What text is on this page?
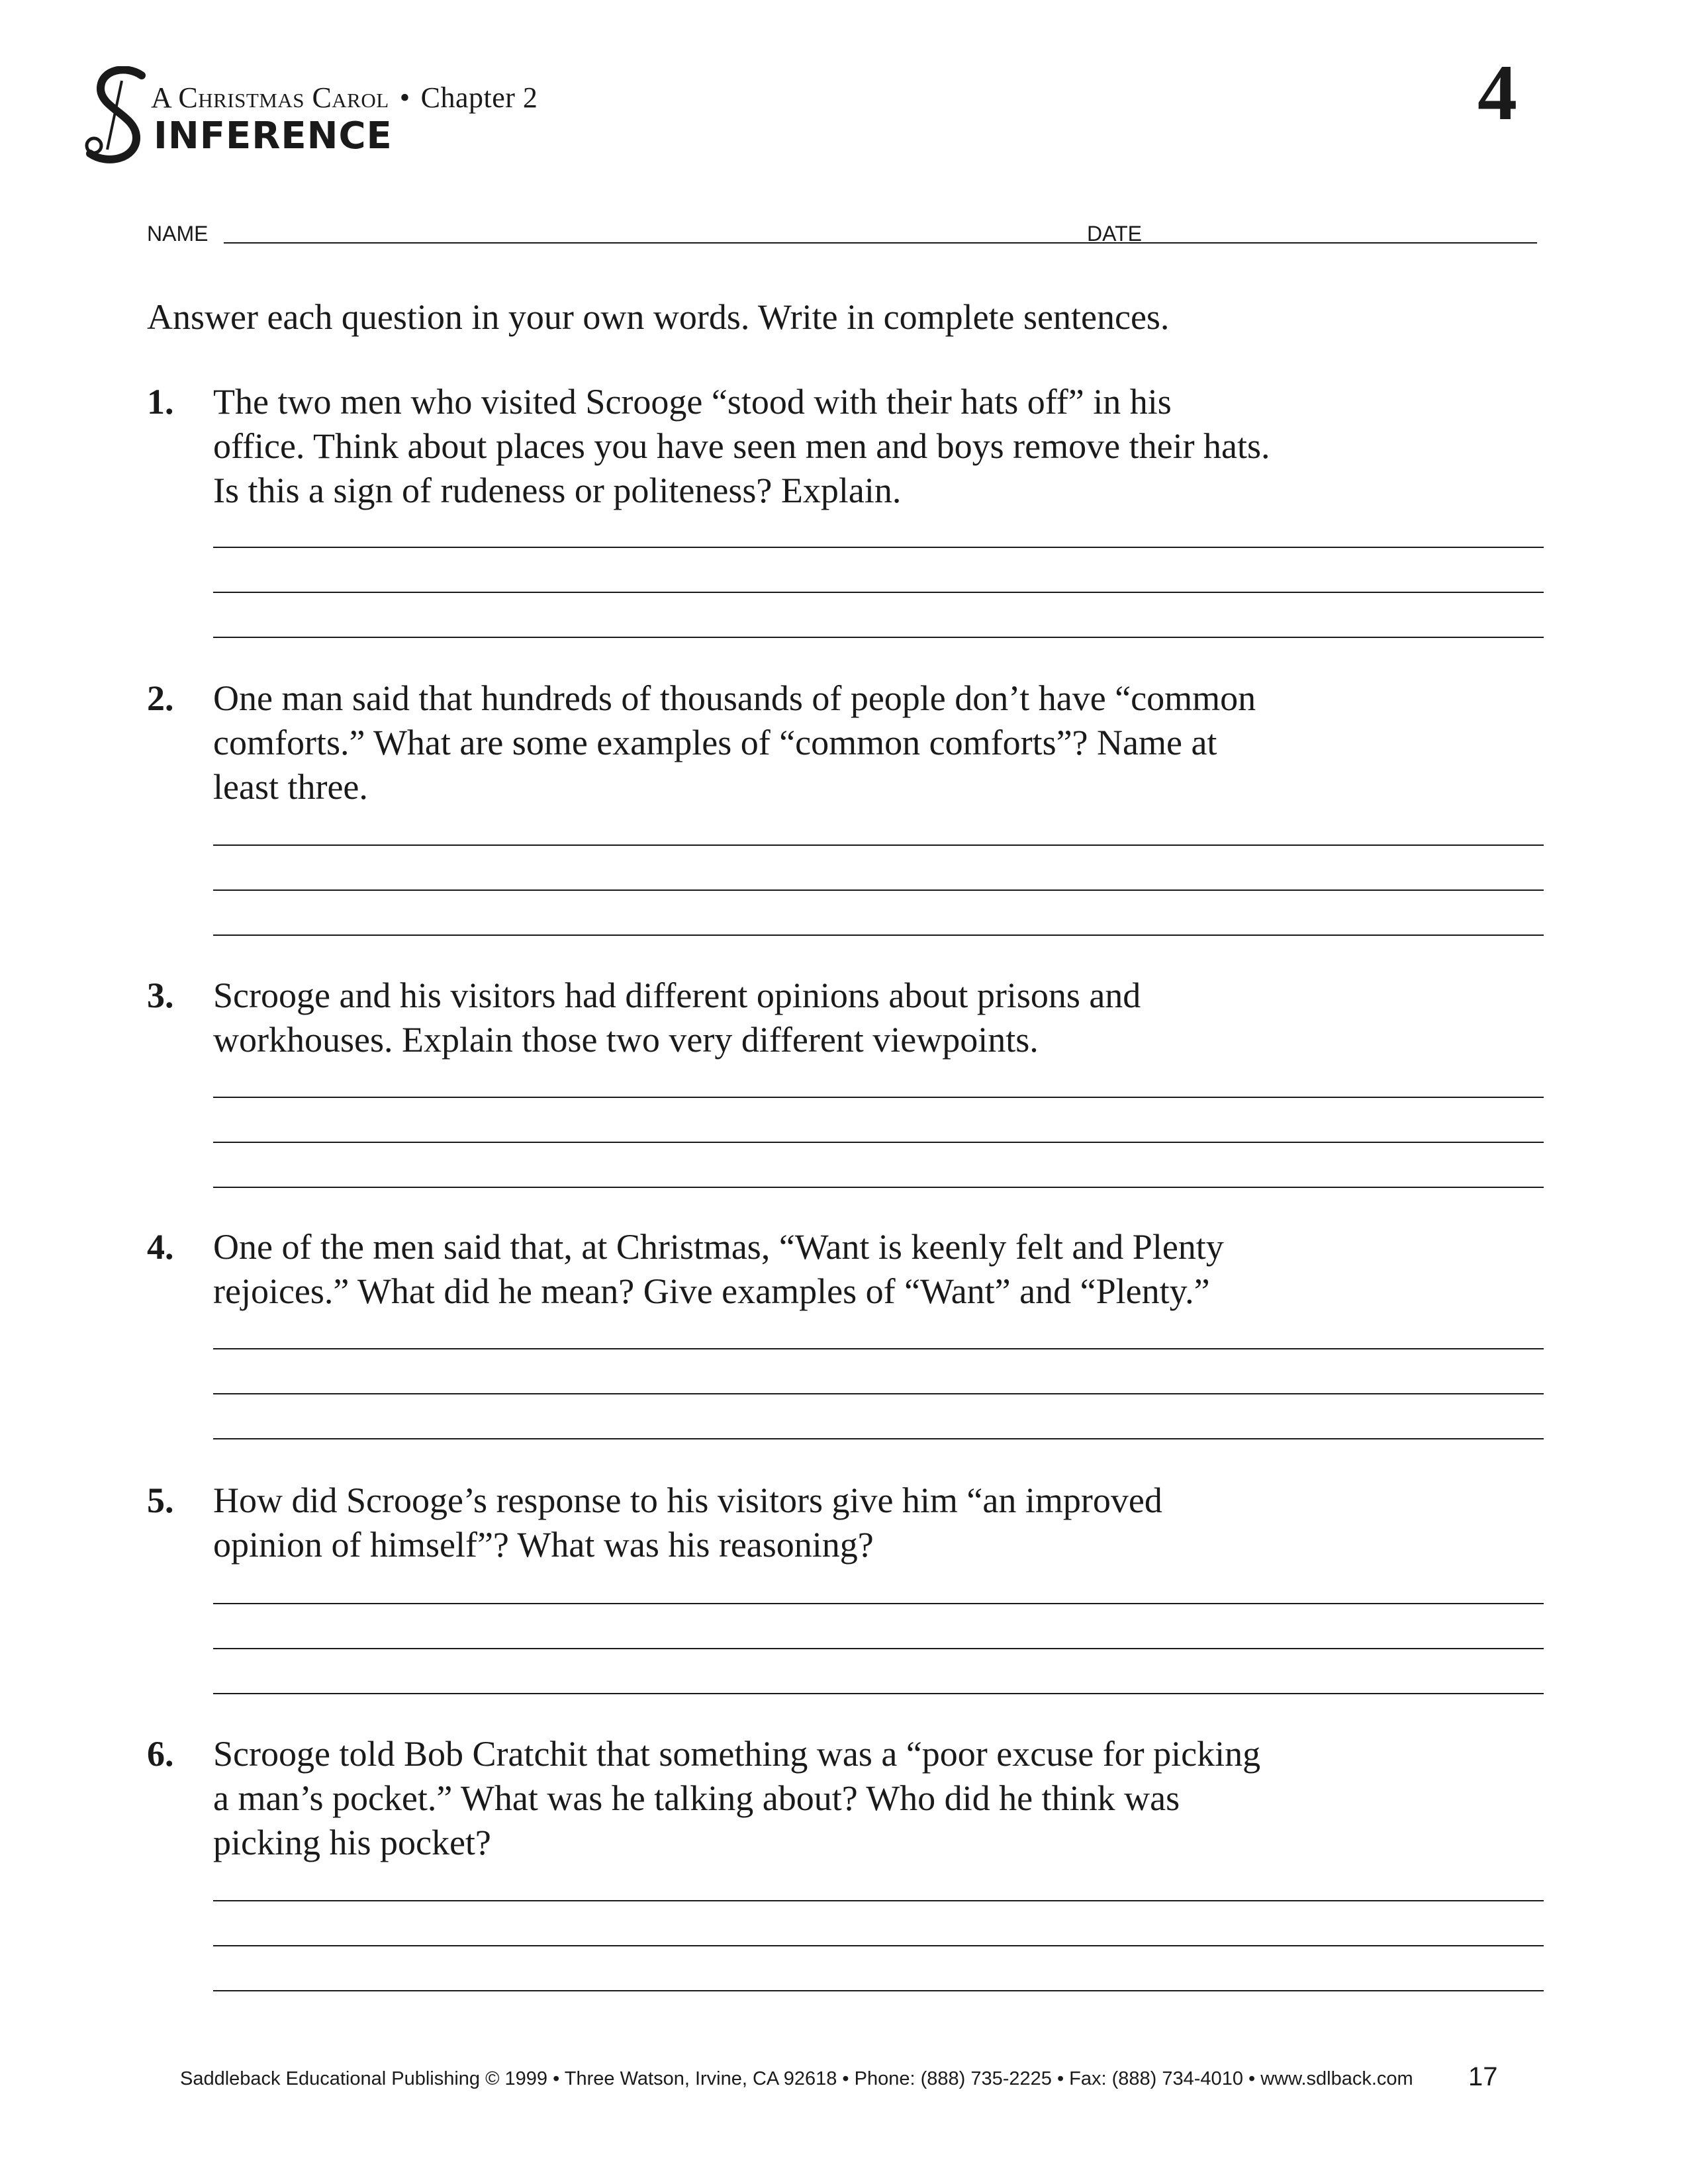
A Christmas Carol • Chapter 2
INFERENCE	4
NAME	DATE
Answer each question in your own words. Write in complete sentences.
1. The two men who visited Scrooge “stood with their hats off” in his
office. Think about places you have seen men and boys remove their hats.
Is this a sign of rudeness or politeness? Explain.
2. One man said that hundreds of thousands of people don’t have “common
comforts.” What are some examples of “common comforts”? Name at
least three.
3. Scrooge and his visitors had different opinions about prisons and
workhouses. Explain those two very different viewpoints.
4. One of the men said that, at Christmas, “Want is keenly felt and Plenty
rejoices.” What did he mean? Give examples of “Want” and “Plenty.”
5. How did Scrooge’s response to his visitors give him “an improved
opinion of himself”? What was his reasoning?
6. Scrooge told Bob Cratchit that something was a “poor excuse for picking
a man’s pocket.” What was he talking about? Who did he think was
picking his pocket?
Saddleback Educational Publishing © 1999 • Three Watson, Irvine, CA 92618 • Phone: (888) 735-2225 • Fax: (888) 734-4010 • www.sdlback.com 17
